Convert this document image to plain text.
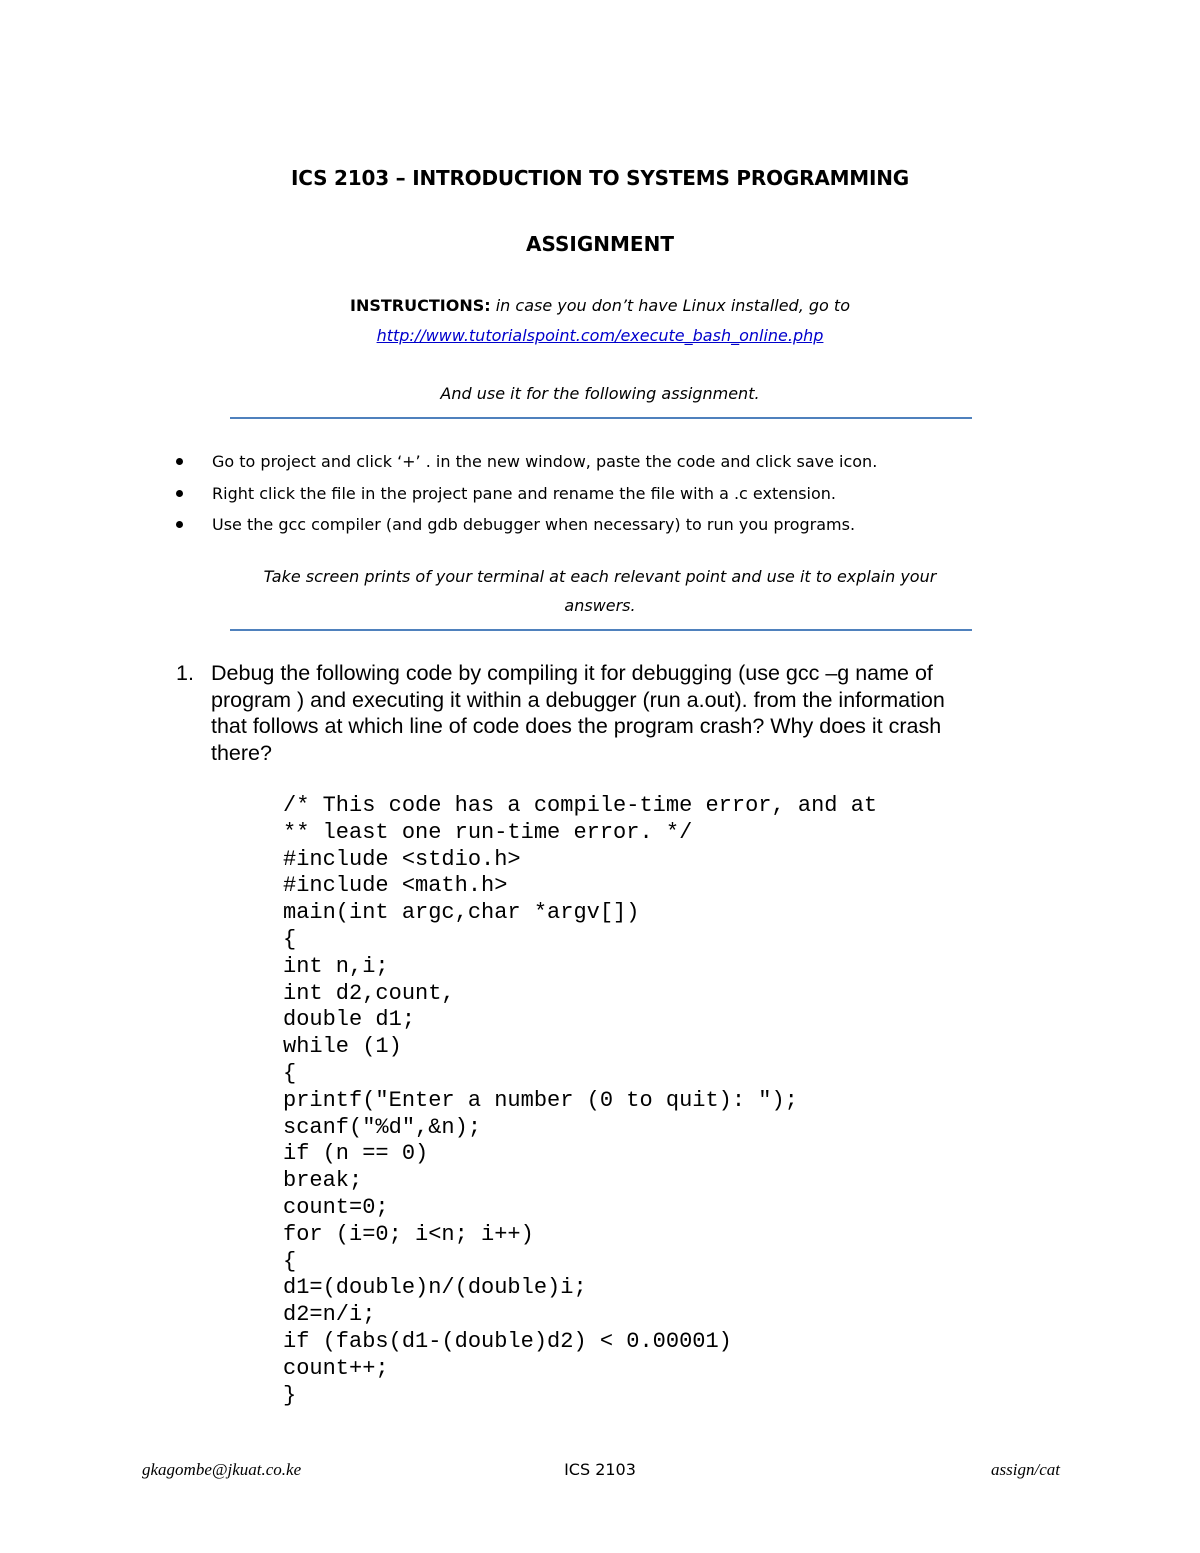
ICS 2103 – INTRODUCTION TO SYSTEMS PROGRAMMING
ASSIGNMENT
INSTRUCTIONS: in case you don’t have Linux installed, go to
http://www.tutorialspoint.com/execute_bash_online.php
And use it for the following assignment.
Go to project and click ‘+’ . in the new window, paste the code and click save icon.
Right click the file in the project pane and rename the file with a .c extension.
Use the gcc compiler (and gdb debugger when necessary) to run you programs.
Take screen prints of your terminal at each relevant point and use it to explain your
answers.
1. Debug the following code by compiling it for debugging (use gcc –g name of
program ) and executing it within a debugger (run a.out). from the information
that follows at which line of code does the program crash? Why does it crash
there?
/* This code has a compile-time error, and at
** least one run-time error. */
#include <stdio.h>
#include <math.h>
main(int argc,char *argv[])
{
int n,i;
int d2,count,
double d1;
while (1)
{
printf("Enter a number (0 to quit): ");
scanf("%d",&n);
if (n == 0)
break;
count=0;
for (i=0; i<n; i++)
{
d1=(double)n/(double)i;
d2=n/i;
if (fabs(d1-(double)d2) < 0.00001)
count++;
}
gkagombe@jkuat.co.ke	ICS 2103	assign/cat
